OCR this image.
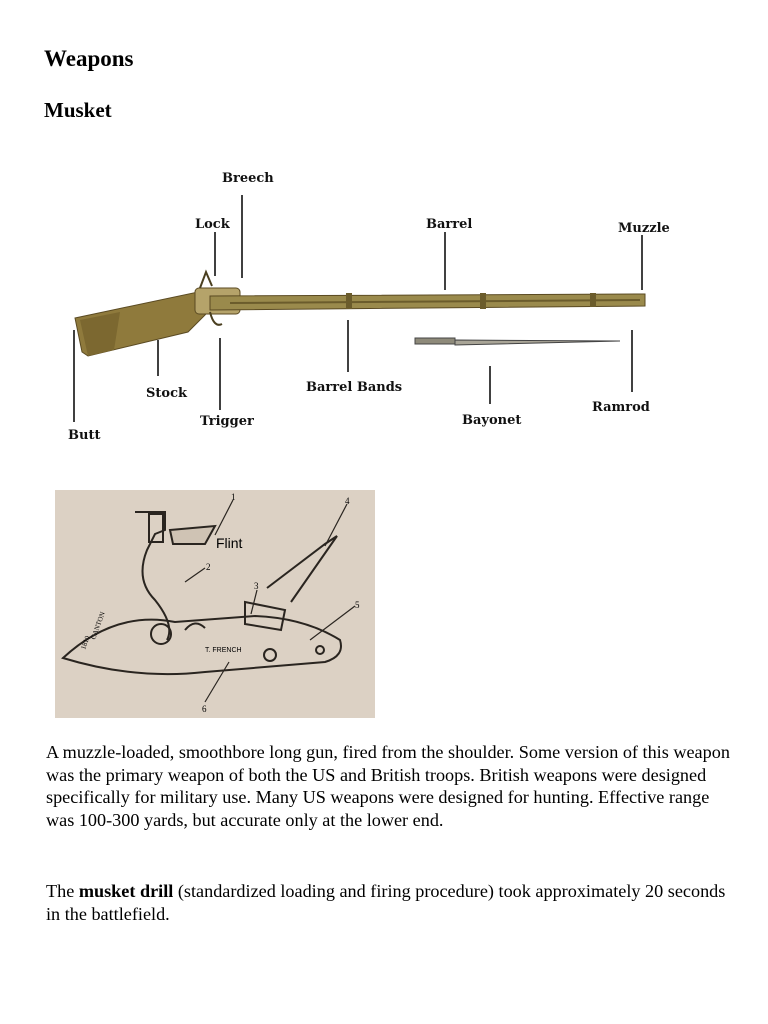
Weapons
Musket
Breech
Lock	Barrel	Muzzle
Stock
Butt
Trigger
Barrel Bands
Bayonet
Ramrod
1
2
3
4
5
6
T. FRENCH
CANTON
1810
Flint

A muzzle-loaded, smoothbore long gun, fired from the shoulder. Some version of this weapon was the primary weapon of both the US and British troops. British weapons were designed specifically for military use. Many US weapons were designed for hunting. Effective range was 100-300 yards, but accurate only at the lower end.

The musket drill (standardized loading and firing procedure) took approximately 20 seconds in the battlefield.
